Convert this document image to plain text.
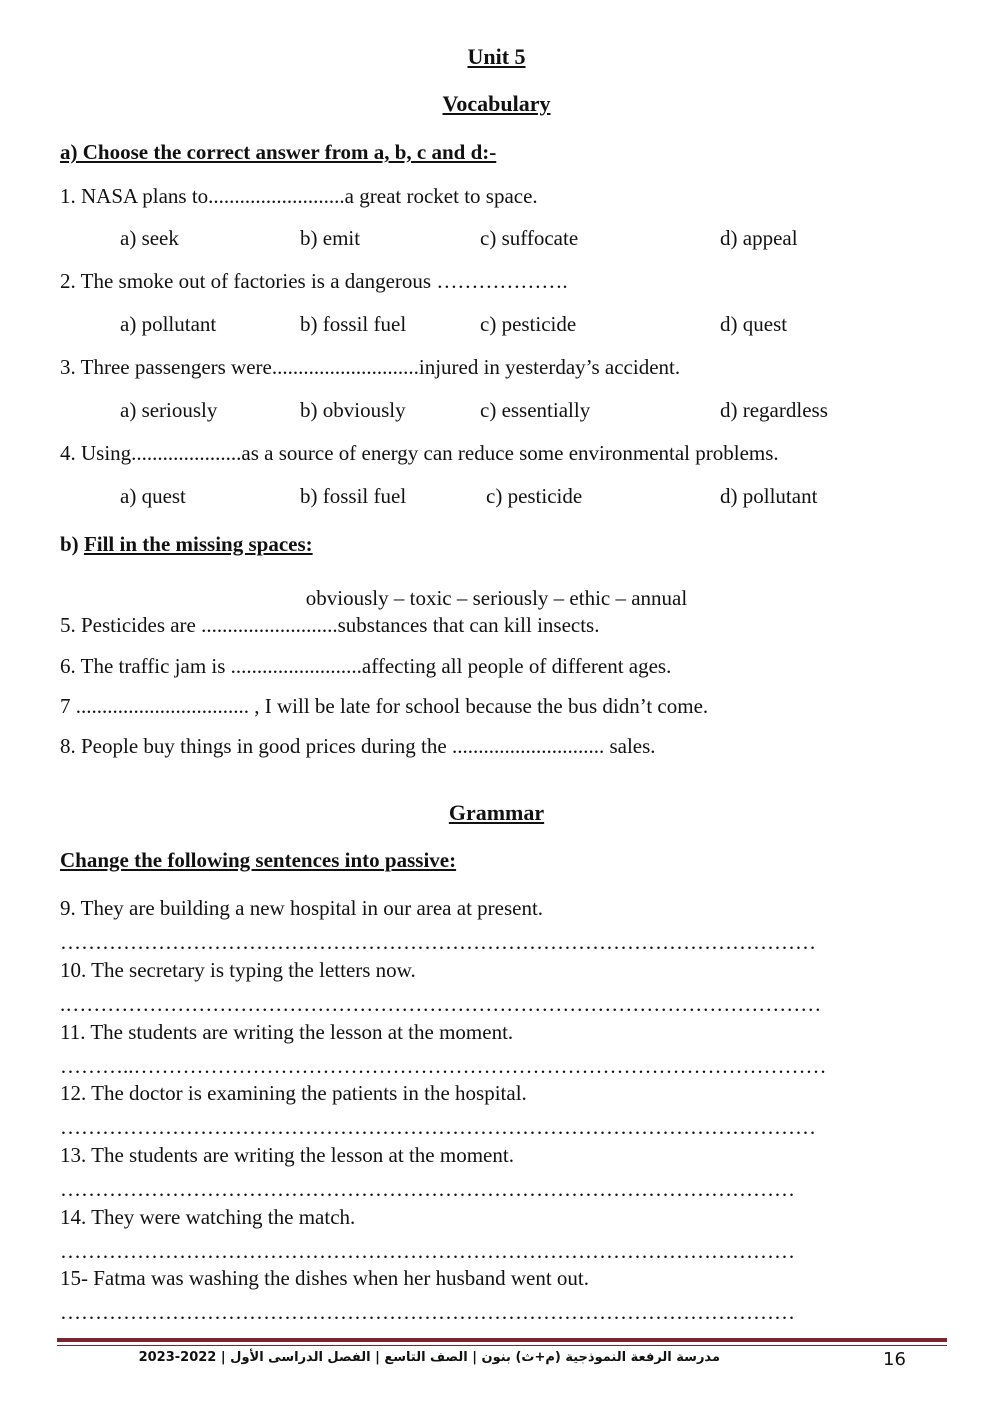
Unit 5
Vocabulary
a) Choose the correct answer from a, b, c and d:-
1. NASA plans to..........................a great rocket to space.
a) seek	b) emit	c) suffocate	d) appeal
2. The smoke out of factories is a dangerous ……………….
a) pollutant	b) fossil fuel	c) pesticide	d) quest
3. Three passengers were............................injured in yesterday’s accident.
a) seriously	b) obviously	c) essentially	d) regardless
4. Using.....................as a source of energy can reduce some environmental problems.
a) quest	b) fossil fuel	c) pesticide	d) pollutant
b) Fill in the missing spaces:
obviously – toxic – seriously – ethic – annual
5. Pesticides are ..........................substances that can kill insects.
6. The traffic jam is .........................affecting all people of different ages.
7 ................................. , I will be late for school because the bus didn’t come.
8. People buy things in good prices during the ............................. sales.
Grammar
Change the following sentences into passive:
9. They are building a new hospital in our area at present.
………………………………………………………………………………………………
10. The secretary is typing the letters now.
.………………………………………………………………………………………………
11. The students are writing the lesson at the moment.
………..………………………………………………………………………………………
12. The doctor is examining the patients in the hospital.
………………………………………………………………………………………………
13. The students are writing the lesson at the moment.
……………………………………………………………………………………………
14. They were watching the match.
……………………………………………………………………………………………
15- Fatma was washing the dishes when her husband went out.
……………………………………………………………………………………………
مدرسة الرفعة النموذجية (م+ث) بنون | الصف التاسع | الفصل الدراسى الأول | 2022-2023	16
